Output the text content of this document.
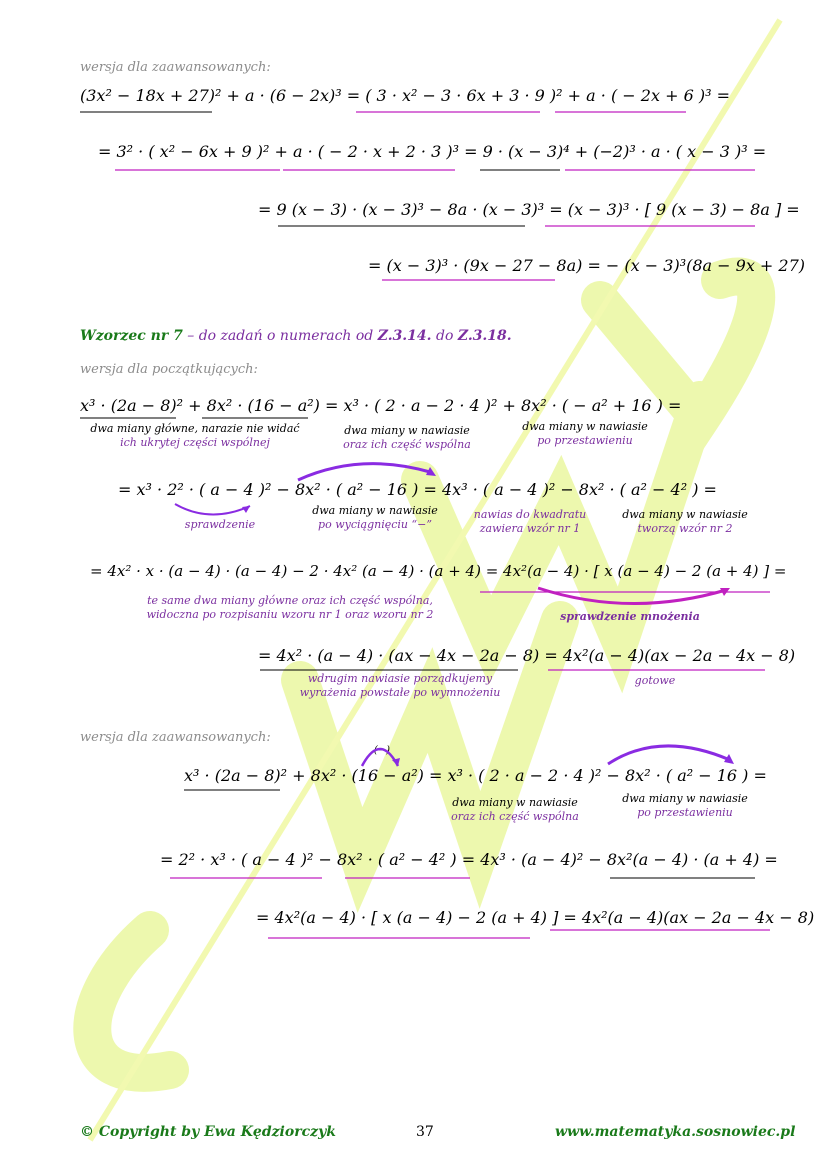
wersja dla zaawansowanych:
(3x² − 18x + 27)² + a · (6 − 2x)³ = ( 3 · x² − 3 · 6x + 3 · 9 )² + a · ( − 2x + 6 )³ =
= 3² · ( x² − 6x + 9 )² + a · ( − 2 · x + 2 · 3 )³ = 9 · (x − 3)⁴ + (−2)³ · a · ( x − 3 )³ =
= 9 (x − 3) · (x − 3)³ − 8a · (x − 3)³ = (x − 3)³ · [ 9 (x − 3) − 8a ] =
= (x − 3)³ · (9x − 27 − 8a) = − (x − 3)³(8a − 9x + 27)
Wzorzec nr 7 – do zadań o numerach od Z.3.14. do Z.3.18.
wersja dla początkujących:
x³ · (2a − 8)² + 8x² · (16 − a²) = x³ · ( 2 · a − 2 · 4 )² + 8x² · ( − a² + 16 ) =
dwa miany główne, narazie nie widać
ich ukrytej części wspólnej
dwa miany w nawiasie
oraz ich część wspólna
dwa miany w nawiasie
po przestawieniu
= x³ · 2² · ( a − 4 )² − 8x² · ( a² − 16 ) = 4x³ · ( a − 4 )² − 8x² · ( a² − 4² ) =
sprawdzenie
dwa miany w nawiasie
po wyciągnięciu “−”
nawias do kwadratu
zawiera wzór nr 1
dwa miany w nawiasie
tworzą wzór nr 2
= 4x² · x · (a − 4) · (a − 4) − 2 · 4x² (a − 4) · (a + 4) = 4x²(a − 4) · [ x (a − 4) − 2 (a + 4) ] =
te same dwa miany główne oraz ich część wspólna,
widoczna po rozpisaniu wzoru nr 1 oraz wzoru nr 2	sprawdzenie mnożenia
= 4x² · (a − 4) · (ax − 4x − 2a − 8) = 4x²(a − 4)(ax − 2a − 4x − 8)
wdrugim nawiasie porządkujemy
wyrażenia powstałe po wymnożeniu
gotowe
wersja dla zaawansowanych:
(−)
x³ · (2a − 8)² + 8x² · (16 − a²) = x³ · ( 2 · a − 2 · 4 )² − 8x² · ( a² − 16 ) =
dwa miany w nawiasie
oraz ich część wspólna
dwa miany w nawiasie
po przestawieniu
= 2² · x³ · ( a − 4 )² − 8x² · ( a² − 4² ) = 4x³ · (a − 4)² − 8x²(a − 4) · (a + 4) =
= 4x²(a − 4) · [ x (a − 4) − 2 (a + 4) ] = 4x²(a − 4)(ax − 2a − 4x − 8)
© Copyright by Ewa Kędziorczyk	37	www.matematyka.sosnowiec.pl
